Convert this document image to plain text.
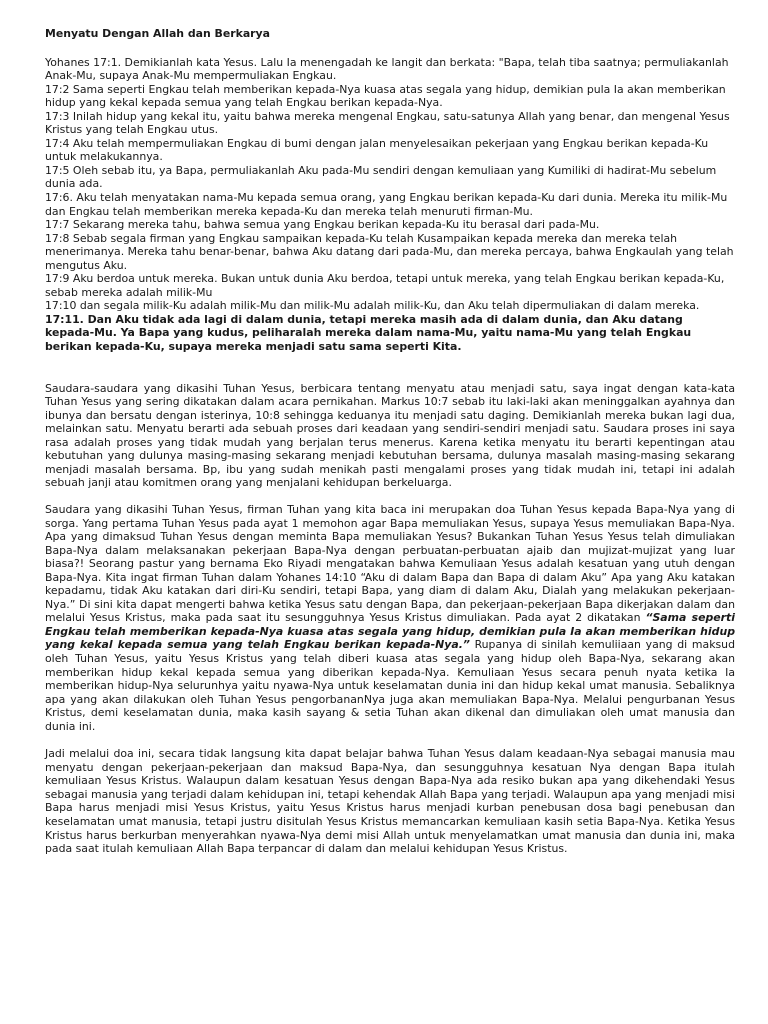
Menyatu Dengan Allah dan Berkarya

Yohanes 17:1. Demikianlah kata Yesus. Lalu Ia menengadah ke langit dan berkata: "Bapa, telah tiba saatnya; permuliakanlah Anak-Mu, supaya Anak-Mu mempermuliakan Engkau.

17:2 Sama seperti Engkau telah memberikan kepada-Nya kuasa atas segala yang hidup, demikian pula Ia akan memberikan hidup yang kekal kepada semua yang telah Engkau berikan kepada-Nya.

17:3 Inilah hidup yang kekal itu, yaitu bahwa mereka mengenal Engkau, satu-satunya Allah yang benar, dan mengenal Yesus Kristus yang telah Engkau utus.

17:4 Aku telah mempermuliakan Engkau di bumi dengan jalan menyelesaikan pekerjaan yang Engkau berikan kepada-Ku untuk melakukannya.

17:5 Oleh sebab itu, ya Bapa, permuliakanlah Aku pada-Mu sendiri dengan kemuliaan yang Kumiliki di hadirat-Mu sebelum dunia ada.

17:6. Aku telah menyatakan nama-Mu kepada semua orang, yang Engkau berikan kepada-Ku dari dunia. Mereka itu milik-Mu dan Engkau telah memberikan mereka kepada-Ku dan mereka telah menuruti firman-Mu.

17:7 Sekarang mereka tahu, bahwa semua yang Engkau berikan kepada-Ku itu berasal dari pada-Mu.

17:8 Sebab segala firman yang Engkau sampaikan kepada-Ku telah Kusampaikan kepada mereka dan mereka telah menerimanya. Mereka tahu benar-benar, bahwa Aku datang dari pada-Mu, dan mereka percaya, bahwa Engkaulah yang telah mengutus Aku.

17:9 Aku berdoa untuk mereka. Bukan untuk dunia Aku berdoa, tetapi untuk mereka, yang telah Engkau berikan kepada-Ku, sebab mereka adalah milik-Mu

17:10 dan segala milik-Ku adalah milik-Mu dan milik-Mu adalah milik-Ku, dan Aku telah dipermuliakan di dalam mereka.

17:11. Dan Aku tidak ada lagi di dalam dunia, tetapi mereka masih ada di dalam dunia, dan Aku datang kepada-Mu. Ya Bapa yang kudus, peliharalah mereka dalam nama-Mu, yaitu nama-Mu yang telah Engkau berikan kepada-Ku, supaya mereka menjadi satu sama seperti Kita.

Saudara-saudara yang dikasihi Tuhan Yesus, berbicara tentang menyatu atau menjadi satu, saya ingat dengan kata-kata Tuhan Yesus yang sering dikatakan dalam acara pernikahan. Markus 10:7 sebab itu laki-laki akan meninggalkan ayahnya dan ibunya dan bersatu dengan isterinya, 10:8 sehingga keduanya itu menjadi satu daging. Demikianlah mereka bukan lagi dua, melainkan satu. Menyatu berarti ada sebuah proses dari keadaan yang sendiri-sendiri menjadi satu. Saudara proses ini saya rasa adalah proses yang tidak mudah yang berjalan terus menerus. Karena ketika menyatu itu berarti kepentingan atau kebutuhan yang dulunya masing-masing sekarang menjadi kebutuhan bersama, dulunya masalah masing-masing sekarang menjadi masalah bersama. Bp, ibu yang sudah menikah pasti mengalami proses yang tidak mudah ini, tetapi ini adalah sebuah janji atau komitmen orang yang menjalani kehidupan berkeluarga.

Saudara yang dikasihi Tuhan Yesus, firman Tuhan yang kita baca ini merupakan doa Tuhan Yesus kepada Bapa-Nya yang di sorga. Yang pertama Tuhan Yesus pada ayat 1 memohon agar Bapa memuliakan Yesus, supaya Yesus memuliakan Bapa-Nya. Apa yang dimaksud Tuhan Yesus dengan meminta Bapa memuliakan Yesus? Bukankan Tuhan Yesus Yesus telah dimuliakan Bapa-Nya dalam melaksanakan pekerjaan Bapa-Nya dengan perbuatan-perbuatan ajaib dan mujizat-mujizat yang luar biasa?! Seorang pastur yang bernama Eko Riyadi mengatakan bahwa Kemuliaan Yesus adalah kesatuan yang utuh dengan Bapa-Nya. Kita ingat firman Tuhan dalam Yohanes 14:10 “Aku di dalam Bapa dan Bapa di dalam Aku” Apa yang Aku katakan kepadamu, tidak Aku katakan dari diri-Ku sendiri, tetapi Bapa, yang diam di dalam Aku, Dialah yang melakukan pekerjaan-Nya.” Di sini kita dapat mengerti bahwa ketika Yesus satu dengan Bapa, dan pekerjaan-pekerjaan Bapa dikerjakan dalam dan melalui Yesus Kristus, maka pada saat itu sesungguhnya Yesus Kristus dimuliakan. Pada ayat 2 dikatakan “Sama seperti Engkau telah memberikan kepada-Nya kuasa atas segala yang hidup, demikian pula Ia akan memberikan hidup yang kekal kepada semua yang telah Engkau berikan kepada-Nya.” Rupanya di sinilah kemuliiaan yang di maksud oleh Tuhan Yesus, yaitu Yesus Kristus yang telah diberi kuasa atas segala yang hidup oleh Bapa-Nya, sekarang akan memberikan hidup kekal kepada semua yang diberikan kepada-Nya. Kemuliaan Yesus secara penuh nyata ketika Ia memberikan hidup-Nya selurunhya yaitu nyawa-Nya untuk keselamatan dunia ini dan hidup kekal umat manusia. Sebaliknya apa yang akan dilakukan oleh Tuhan Yesus pengorbananNya juga akan memuliakan Bapa-Nya. Melalui pengurbanan Yesus Kristus, demi keselamatan dunia, maka kasih sayang & setia Tuhan akan dikenal dan dimuliakan oleh umat manusia dan dunia ini.

Jadi melalui doa ini, secara tidak langsung kita dapat belajar bahwa Tuhan Yesus dalam keadaan-Nya sebagai manusia mau menyatu dengan pekerjaan-pekerjaan dan maksud Bapa-Nya, dan sesungguhnya kesatuan Nya dengan Bapa itulah kemuliaan Yesus Kristus. Walaupun dalam kesatuan Yesus dengan Bapa-Nya ada resiko bukan apa yang dikehendaki Yesus sebagai manusia yang terjadi dalam kehidupan ini, tetapi kehendak Allah Bapa yang terjadi. Walaupun apa yang menjadi misi Bapa harus menjadi misi Yesus Kristus, yaitu Yesus Kristus harus menjadi kurban penebusan dosa bagi penebusan dan keselamatan umat manusia, tetapi justru disitulah Yesus Kristus memancarkan kemuliaan kasih setia Bapa-Nya. Ketika Yesus Kristus harus berkurban menyerahkan nyawa-Nya demi misi Allah untuk menyelamatkan umat manusia dan dunia ini, maka pada saat itulah kemuliaan Allah Bapa terpancar di dalam dan melalui kehidupan Yesus Kristus.
